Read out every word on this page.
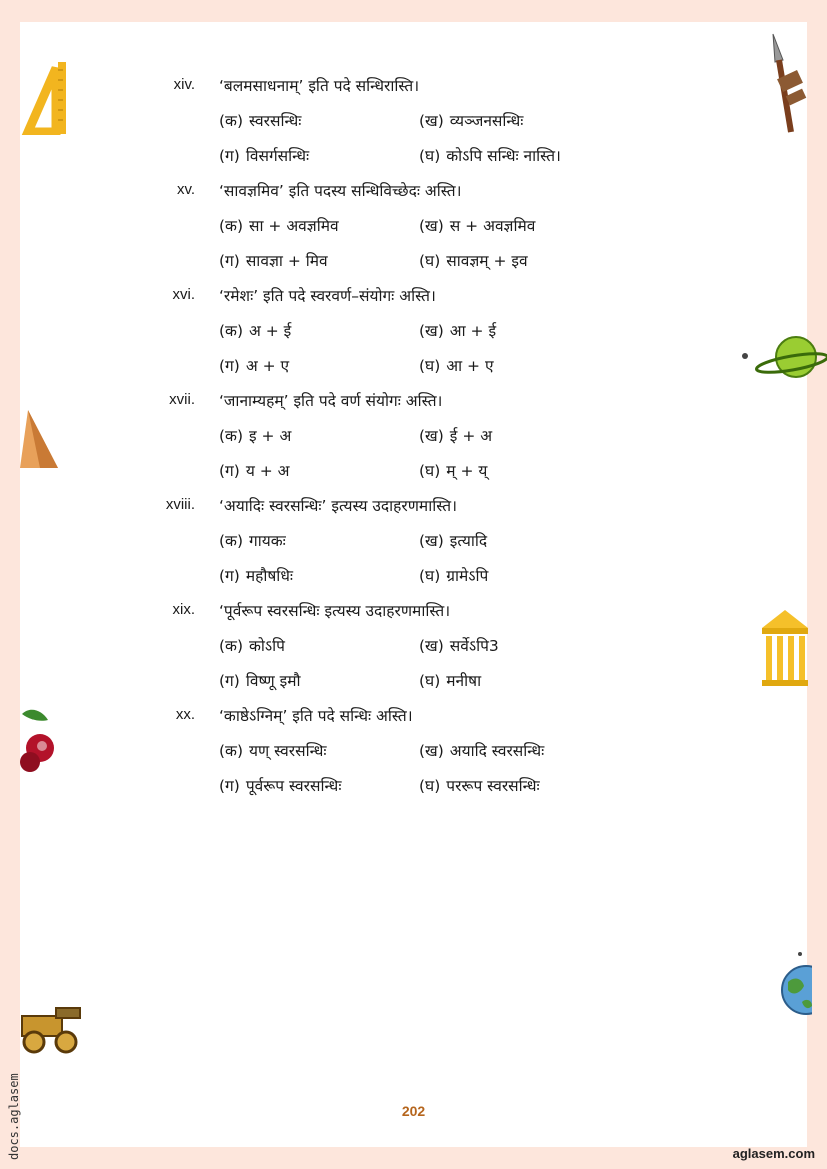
xiv. ‘बलमसाधनाम्’ इति पदे सन्धिरास्ति।
(क) स्वरसन्धिः	(ख) व्यञ्जनसन्धिः
(ग) विसर्गसन्धिः	(घ) कोऽपि सन्धिः नास्ति।
xv. ‘सावज्ञमिव’ इति पदस्य सन्धिविच्छेदः अस्ति।
(क) सा + अवज्ञमिव	(ख) स + अवज्ञमिव
(ग) सावज्ञा + मिव	(घ) सावज्ञम् + इव
xvi. ‘रमेशः’ इति पदे स्वरवर्ण–संयोगः अस्ति।
(क) अ + ई	(ख) आ + ई
(ग) अ + ए	(घ) आ + ए
xvii. ‘जानाम्यहम्’ इति पदे वर्ण संयोगः अस्ति।
(क) इ + अ	(ख) ई + अ
(ग) य + अ	(घ) म् + य्
xviii. ‘अयादिः स्वरसन्धिः’ इत्यस्य उदाहरणमास्ति।
(क) गायकः	(ख) इत्यादि
(ग) महौषधिः	(घ) ग्रामेऽपि
xix. ‘पूर्वरूप स्वरसन्धिः इत्यस्य उदाहरणमास्ति।
(क) कोऽपि	(ख) सर्वेऽपि3
(ग) विष्णू इमौ	(घ) मनीषा
xx. ‘काष्ठेऽग्निम्’ इति पदे सन्धिः अस्ति।
(क) यण् स्वरसन्धिः	(ख) अयादि स्वरसन्धिः
(ग) पूर्वरूप स्वरसन्धिः	(घ) पररूप स्वरसन्धिः
202
aglasem.com
docs.aglasem
